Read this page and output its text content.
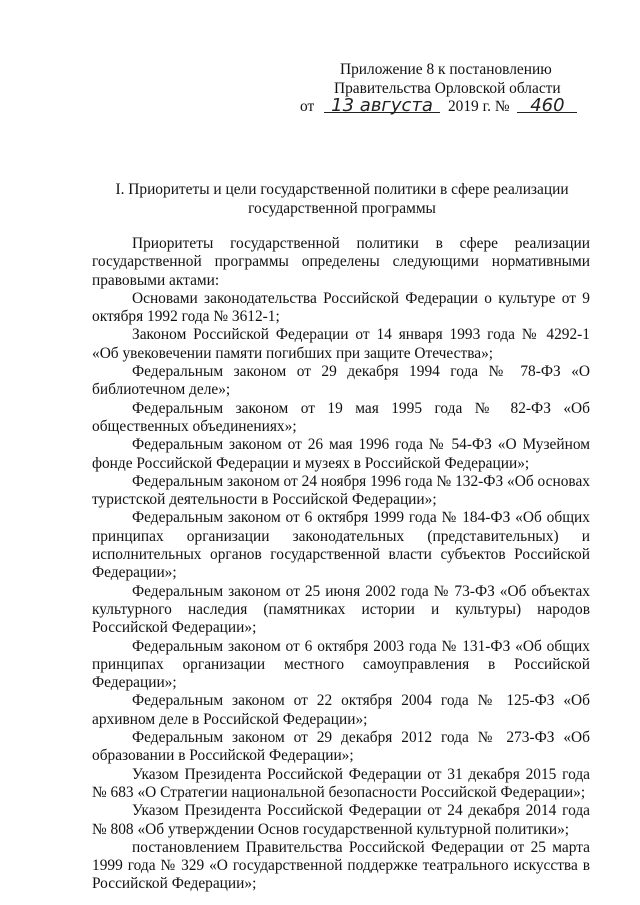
Приложение 8 к постановлению
Правительства Орловской области
от 13 августа 2019 г. № 460
I. Приоритеты и цели государственной политики в сфере реализации государственной программы

Приоритеты государственной политики в сфере реализации государственной программы определены следующими нормативными правовыми актами:

Основами законодательства Российской Федерации о культуре от 9 октября 1992 года № 3612-1;

Законом Российской Федерации от 14 января 1993 года № 4292-1 «Об увековечении памяти погибших при защите Отечества»;

Федеральным законом от 29 декабря 1994 года № 78-ФЗ «О библиотечном деле»;

Федеральным законом от 19 мая 1995 года № 82-ФЗ «Об общественных объединениях»;

Федеральным законом от 26 мая 1996 года № 54-ФЗ «О Музейном фонде Российской Федерации и музеях в Российской Федерации»;

Федеральным законом от 24 ноября 1996 года № 132-ФЗ «Об основах туристской деятельности в Российской Федерации»;

Федеральным законом от 6 октября 1999 года № 184-ФЗ «Об общих принципах организации законодательных (представительных) и исполнительных органов государственной власти субъектов Российской Федерации»;

Федеральным законом от 25 июня 2002 года № 73-ФЗ «Об объектах культурного наследия (памятниках истории и культуры) народов Российской Федерации»;

Федеральным законом от 6 октября 2003 года № 131-ФЗ «Об общих принципах организации местного самоуправления в Российской Федерации»;

Федеральным законом от 22 октября 2004 года № 125-ФЗ «Об архивном деле в Российской Федерации»;

Федеральным законом от 29 декабря 2012 года № 273-ФЗ «Об образовании в Российской Федерации»;

Указом Президента Российской Федерации от 31 декабря 2015 года № 683 «О Стратегии национальной безопасности Российской Федерации»;

Указом Президента Российской Федерации от 24 декабря 2014 года № 808 «Об утверждении Основ государственной культурной политики»;

постановлением Правительства Российской Федерации от 25 марта 1999 года № 329 «О государственной поддержке театрального искусства в Российской Федерации»;
